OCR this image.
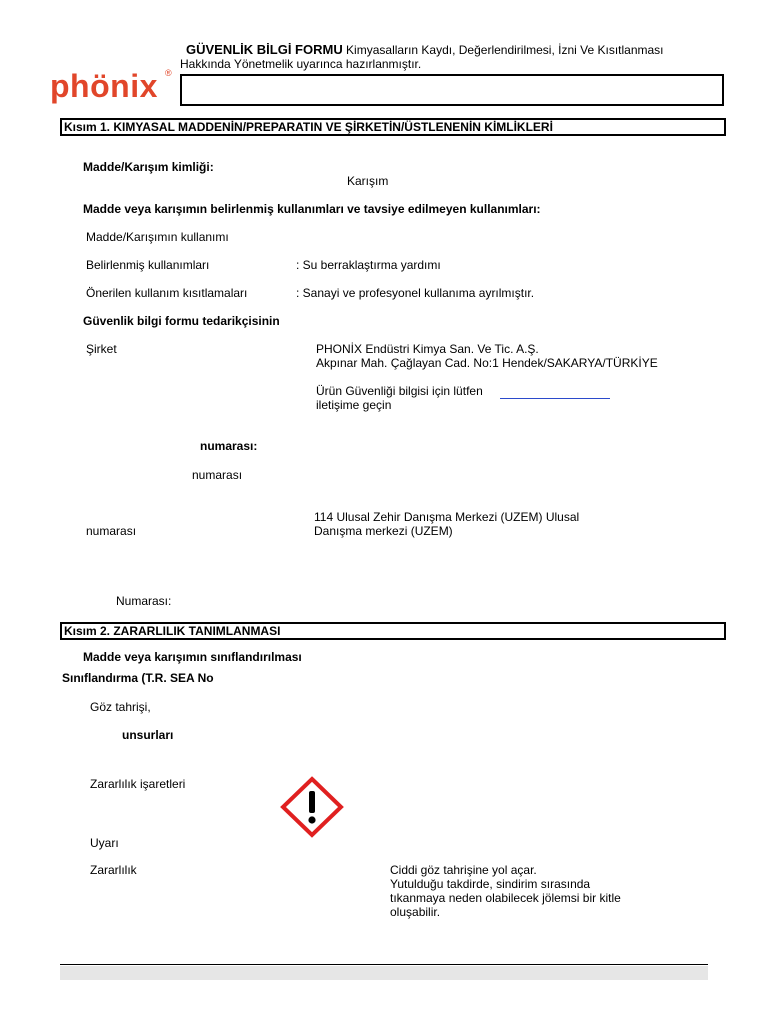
phönix ®
GÜVENLİK BİLGİ FORMU Kimyasalların Kaydı, Değerlendirilmesi, İzni Ve Kısıtlanması
Hakkında Yönetmelik uyarınca hazırlanmıştır.
Kısım 1. KIMYASAL MADDENİN/PREPARATIN VE ŞİRKETİN/ÜSTLENENİN KİMLİKLERİ
Madde/Karışım kimliği:
Karışım
Madde veya karışımın belirlenmiş kullanımları ve tavsiye edilmeyen kullanımları:
Madde/Karışımın kullanımı
Belirlenmiş kullanımları	: Su berraklaştırma yardımı
Önerilen kullanım kısıtlamaları	: Sanayi ve profesyonel kullanıma ayrılmıştır.
Güvenlik bilgi formu tedarikçisinin
Şirket	PHONİX Endüstri Kimya San. Ve Tic. A.Ş.
Akpınar Mah. Çağlayan Cad. No:1 Hendek/SAKARYA/TÜRKİYE
Ürün Güvenliği bilgisi için lütfen
iletişime geçin
numarası:
numarası
numarası
114 Ulusal Zehir Danışma Merkezi (UZEM) Ulusal
Danışma merkezi (UZEM)
Numarası:
Kısım 2. ZARARLILIK TANIMLANMASI
Madde veya karışımın sınıflandırılması
Sınıflandırma (T.R. SEA No
Göz tahrişi,
unsurları
Zararlılık işaretleri
Uyarı
Zararlılık	Ciddi göz tahrişine yol açar.
Yutulduğu takdirde, sindirim sırasında
tıkanmaya neden olabilecek jölemsi bir kitle
oluşabilir.
